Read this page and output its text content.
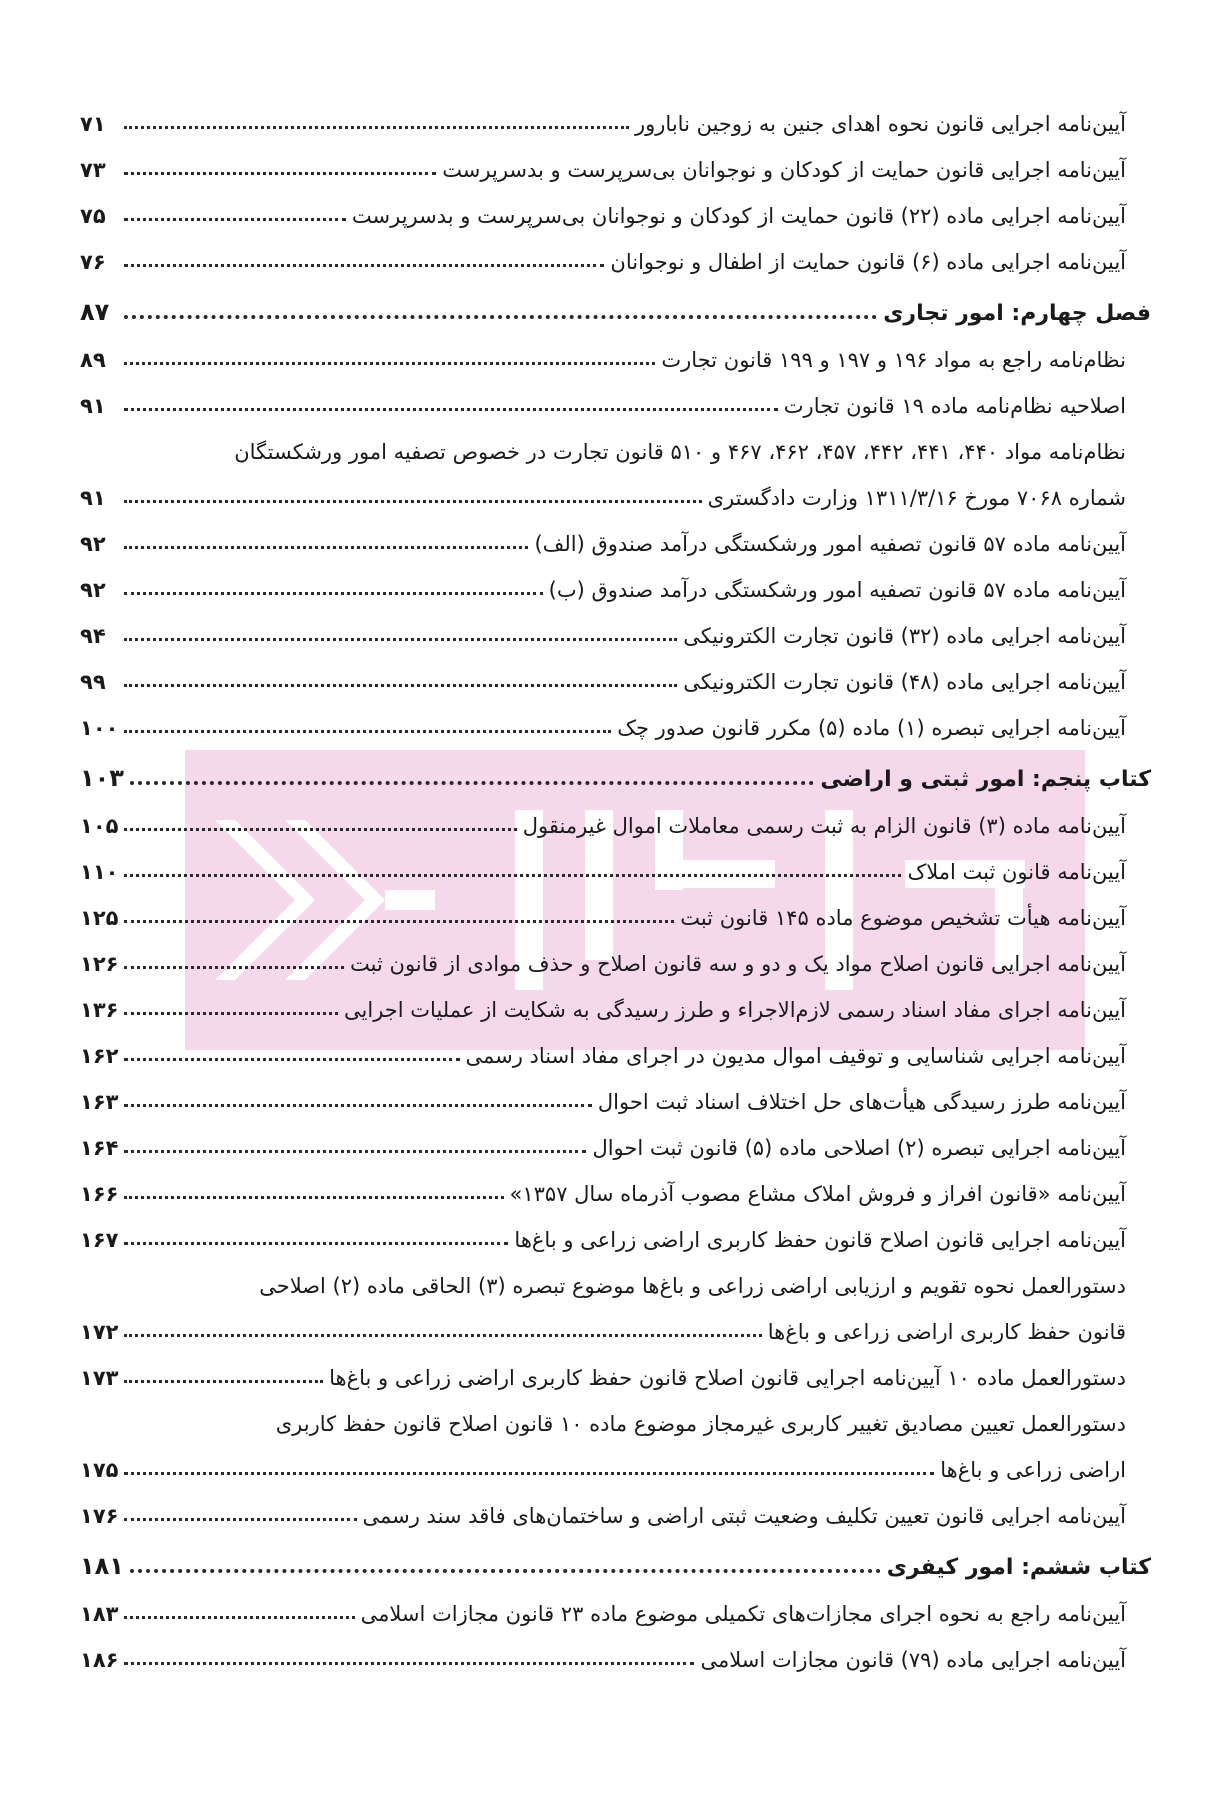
آیین‌نامه اجرایی قانون نحوه اهدای جنین به زوجین نابارور
۷۱
آیین‌نامه اجرایی قانون حمایت از کودکان و نوجوانان بی‌سرپرست و بدسرپرست
۷۳
آیین‌نامه اجرایی ماده (۲۲) قانون حمایت از کودکان و نوجوانان بی‌سرپرست و بدسرپرست
۷۵
آیین‌نامه اجرایی ماده (۶) قانون حمایت از اطفال و نوجوانان
۷۶
فصل چهارم: امور تجاری
۸۷
نظام‌نامه راجع به مواد ۱۹۶ و ۱۹۷ و ۱۹۹ قانون تجارت
۸۹
اصلاحیه نظام‌نامه ماده ۱۹ قانون تجارت
۹۱
نظام‌نامه مواد ۴۴۰، ۴۴۱، ۴۴۲، ۴۵۷، ۴۶۲، ۴۶۷ و ۵۱۰ قانون تجارت در خصوص تصفیه امور ورشکستگان
شماره ۷۰۶۸ مورخ ۱۳۱۱/۳/۱۶ وزارت دادگستری
۹۱
آیین‌نامه ماده ۵۷ قانون تصفیه امور ورشکستگی درآمد صندوق (الف)
۹۲
آیین‌نامه ماده ۵۷ قانون تصفیه امور ورشکستگی درآمد صندوق (ب)
۹۲
آیین‌نامه اجرایی ماده (۳۲) قانون تجارت الکترونیکی
۹۴
آیین‌نامه اجرایی ماده (۴۸) قانون تجارت الکترونیکی
۹۹
آیین‌نامه اجرایی تبصره (۱) ماده (۵) مکرر قانون صدور چک
۱۰۰
کتاب پنجم: امور ثبتی و اراضی
۱۰۳
آیین‌نامه ماده (۳) قانون الزام به ثبت رسمی معاملات اموال غیرمنقول
۱۰۵
آیین‌نامه قانون ثبت املاک
۱۱۰
آیین‌نامه هیأت تشخیص موضوع ماده ۱۴۵ قانون ثبت
۱۲۵
آیین‌نامه اجرایی قانون اصلاح مواد یک و دو و سه قانون اصلاح و حذف موادی از قانون ثبت
۱۲۶
آیین‌نامه اجرای مفاد اسناد رسمی لازم‌الاجراء و طرز رسیدگی به شکایت از عملیات اجرایی
۱۳۶
آیین‌نامه اجرایی شناسایی و توقیف اموال مدیون در اجرای مفاد اسناد رسمی
۱۶۲
آیین‌نامه طرز رسیدگی هیأت‌های حل اختلاف اسناد ثبت احوال
۱۶۳
آیین‌نامه اجرایی تبصره (۲) اصلاحی ماده (۵) قانون ثبت احوال
۱۶۴
آیین‌نامه «قانون افراز و فروش املاک مشاع مصوب آذرماه سال ۱۳۵۷»
۱۶۶
آیین‌نامه اجرایی قانون اصلاح قانون حفظ کاربری اراضی زراعی و باغ‌ها
۱۶۷
دستورالعمل نحوه تقویم و ارزیابی اراضی زراعی و باغ‌ها موضوع تبصره (۳) الحاقی ماده (۲) اصلاحی
قانون حفظ کاربری اراضی زراعی و باغ‌ها
۱۷۲
دستورالعمل ماده ۱۰ آیین‌نامه اجرایی قانون اصلاح قانون حفظ کاربری اراضی زراعی و باغ‌ها
۱۷۳
دستورالعمل تعیین مصادیق تغییر کاربری غیرمجاز موضوع ماده ۱۰ قانون اصلاح قانون حفظ کاربری
اراضی زراعی و باغ‌ها
۱۷۵
آیین‌نامه اجرایی قانون تعیین تکلیف وضعیت ثبتی اراضی و ساختمان‌های فاقد سند رسمی
۱۷۶
کتاب ششم: امور کیفری
۱۸۱
آیین‌نامه راجع به نحوه اجرای مجازات‌های تکمیلی موضوع ماده ۲۳ قانون مجازات اسلامی
۱۸۳
آیین‌نامه اجرایی ماده (۷۹) قانون مجازات اسلامی
۱۸۶
